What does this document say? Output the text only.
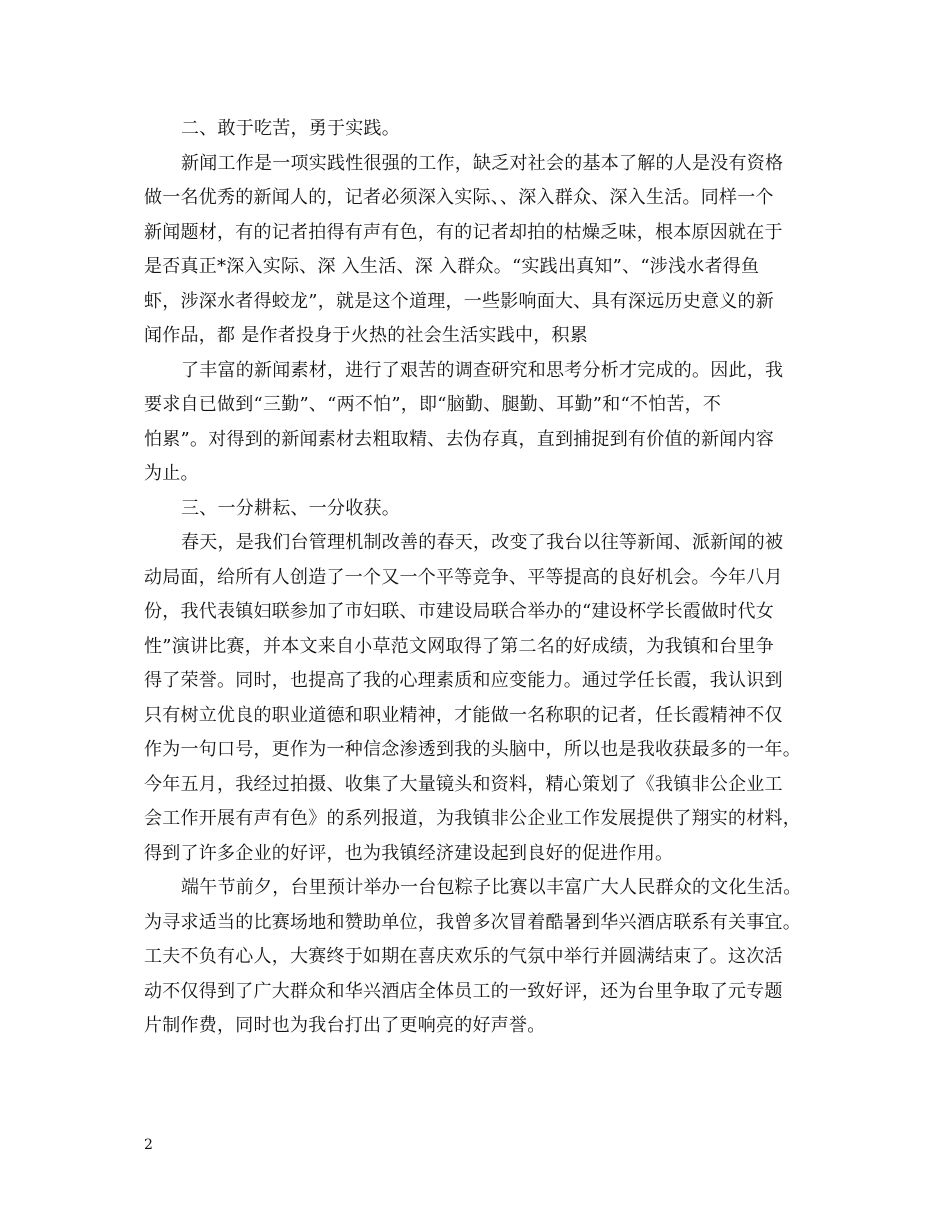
二、敢于吃苦，勇于实践。
新闻工作是一项实践性很强的工作，缺乏对社会的基本了解的人是没有资格
做一名优秀的新闻人的，记者必须深入实际、、深入群众、深入生活。同样一个
新闻题材，有的记者拍得有声有色，有的记者却拍的枯燥乏味，根本原因就在于
是否真正*深入实际、深 入生活、深 入群众。“实践出真知”、“涉浅水者得鱼
虾，涉深水者得蛟龙”，就是这个道理，一些影响面大、具有深远历史意义的新
闻作品，都 是作者投身于火热的社会生活实践中，积累
了丰富的新闻素材，进行了艰苦的调查研究和思考分析才完成的。因此，我
要求自已做到“三勤”、“两不怕”，即“脑勤、腿勤、耳勤”和“不怕苦，不
怕累”。对得到的新闻素材去粗取精、去伪存真，直到捕捉到有价值的新闻内容
为止。
三、一分耕耘、一分收获。
春天，是我们台管理机制改善的春天，改变了我台以往等新闻、派新闻的被
动局面，给所有人创造了一个又一个平等竞争、平等提高的良好机会。今年八月
份，我代表镇妇联参加了市妇联、市建设局联合举办的“建设杯学长霞做时代女
性”演讲比赛，并本文来自小草范文网取得了第二名的好成绩，为我镇和台里争
得了荣誉。同时，也提高了我的心理素质和应变能力。通过学任长霞，我认识到
只有树立优良的职业道德和职业精神，才能做一名称职的记者，任长霞精神不仅
作为一句口号，更作为一种信念渗透到我的头脑中，所以也是我收获最多的一年。
今年五月，我经过拍摄、收集了大量镜头和资料，精心策划了《我镇非公企业工
会工作开展有声有色》的系列报道，为我镇非公企业工作发展提供了翔实的材料，
得到了许多企业的好评，也为我镇经济建设起到良好的促进作用。
端午节前夕，台里预计举办一台包粽子比赛以丰富广大人民群众的文化生活。
为寻求适当的比赛场地和赞助单位，我曾多次冒着酷暑到华兴酒店联系有关事宜。
工夫不负有心人，大赛终于如期在喜庆欢乐的气氛中举行并圆满结束了。这次活
动不仅得到了广大群众和华兴酒店全体员工的一致好评，还为台里争取了元专题
片制作费，同时也为我台打出了更响亮的好声誉。
2
